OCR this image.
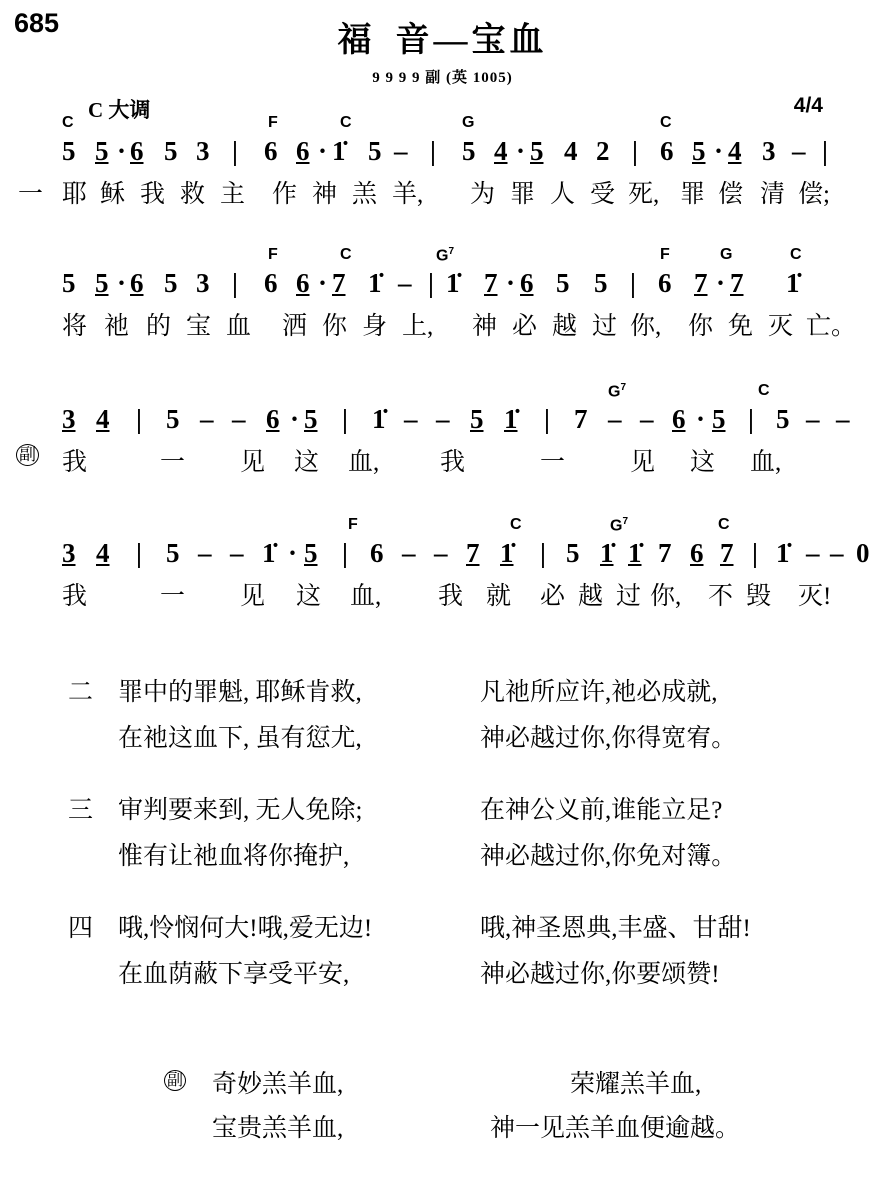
685	福 音—宝血
9 9 9 9 副 (英 1005)
C 大调	4/4
C	F	C	G	C
5 5 · 6 5 3 | 6 6 · 1̇ 5 – | 5 4 · 5 4 2 | 6 5 · 4 3 – |
一 耶 稣 我 救 主 作 神 羔 羊, 为 罪 人 受 死, 罪 偿 清 偿;
F	C	$G^7$	F	G	C
5 5 · 6 5 3 | 6 6 · 7 1̇ – | 1̇ 7 · 6 5 5 | 6 7 · 7 1̇
将 祂 的 宝 血 洒 你 身 上, 神 必 越 过 你, 你 免 灭 亡。
$G^7$	C
3 4 | 5 – – 6 · 5 | 1̇ – – 5 1̇ | 7 – – 6 · 5 | 5 – –
副 我	一 见 这 血, 我	一	见 这 血,
F	C	$G^7$	C
3 4 | 5 – – 1̇ · 5 | 6 – – 7 1̇ | 5 1̇ 1̇ 7 6 7 | 1̇ – – 0
我	一 见 这 血, 我 就 必 越 过 你, 不 毁 灭!
二 罪中的罪魁, 耶稣肯救,	凡祂所应许,祂必成就,
在祂这血下, 虽有愆尤,	神必越过你,你得宽宥。
三 审判要来到, 无人免除;	在神公义前,谁能立足?
惟有让祂血将你掩护,	神必越过你,你免对簿。
四 哦,怜悯何大!哦,爱无边!	哦,神圣恩典,丰盛、甘甜!
在血荫蔽下享受平安,	神必越过你,你要颂赞!
副 奇妙羔羊血,	荣耀羔羊血,
宝贵羔羊血,	神一见羔羊血便逾越。
